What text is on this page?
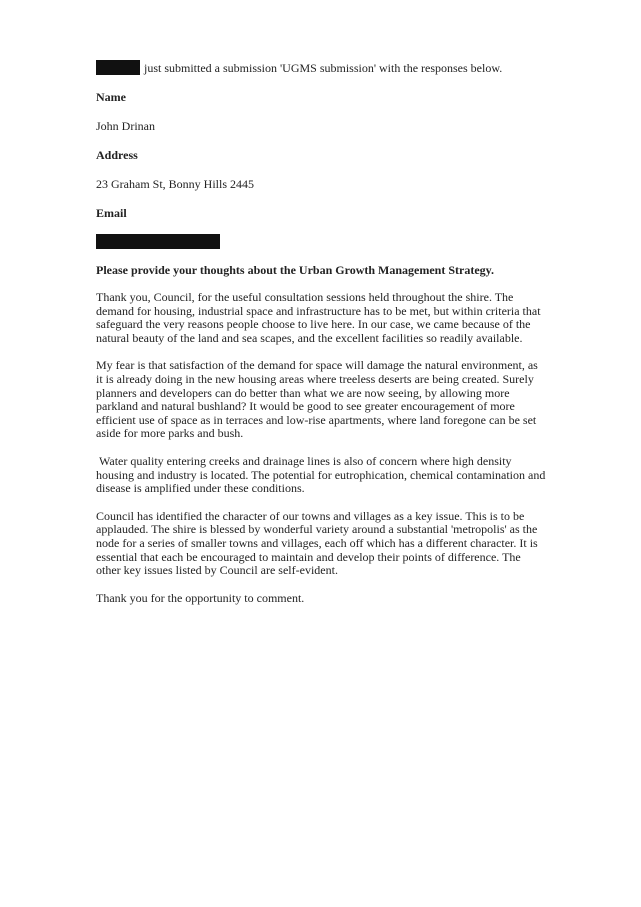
just submitted a submission 'UGMS submission' with the responses below.
Name
John Drinan
Address
23 Graham St, Bonny Hills 2445
Email
Please provide your thoughts about the Urban Growth Management Strategy.

Thank you, Council, for the useful consultation sessions held throughout the shire. The demand for housing, industrial space and infrastructure has to be met, but within criteria that safeguard the very reasons people choose to live here. In our case, we came because of the natural beauty of the land and sea scapes, and the excellent facilities so readily available.

My fear is that satisfaction of the demand for space will damage the natural environment, as it is already doing in the new housing areas where treeless deserts are being created. Surely planners and developers can do better than what we are now seeing, by allowing more parkland and natural bushland? It would be good to see greater encouragement of more efficient use of space as in terraces and low-rise apartments, where land foregone can be set aside for more parks and bush.

Water quality entering creeks and drainage lines is also of concern where high density housing and industry is located. The potential for eutrophication, chemical contamination and disease is amplified under these conditions.

Council has identified the character of our towns and villages as a key issue. This is to be applauded. The shire is blessed by wonderful variety around a substantial 'metropolis' as the node for a series of smaller towns and villages, each off which has a different character. It is essential that each be encouraged to maintain and develop their points of difference. The other key issues listed by Council are self-evident.

Thank you for the opportunity to comment.
